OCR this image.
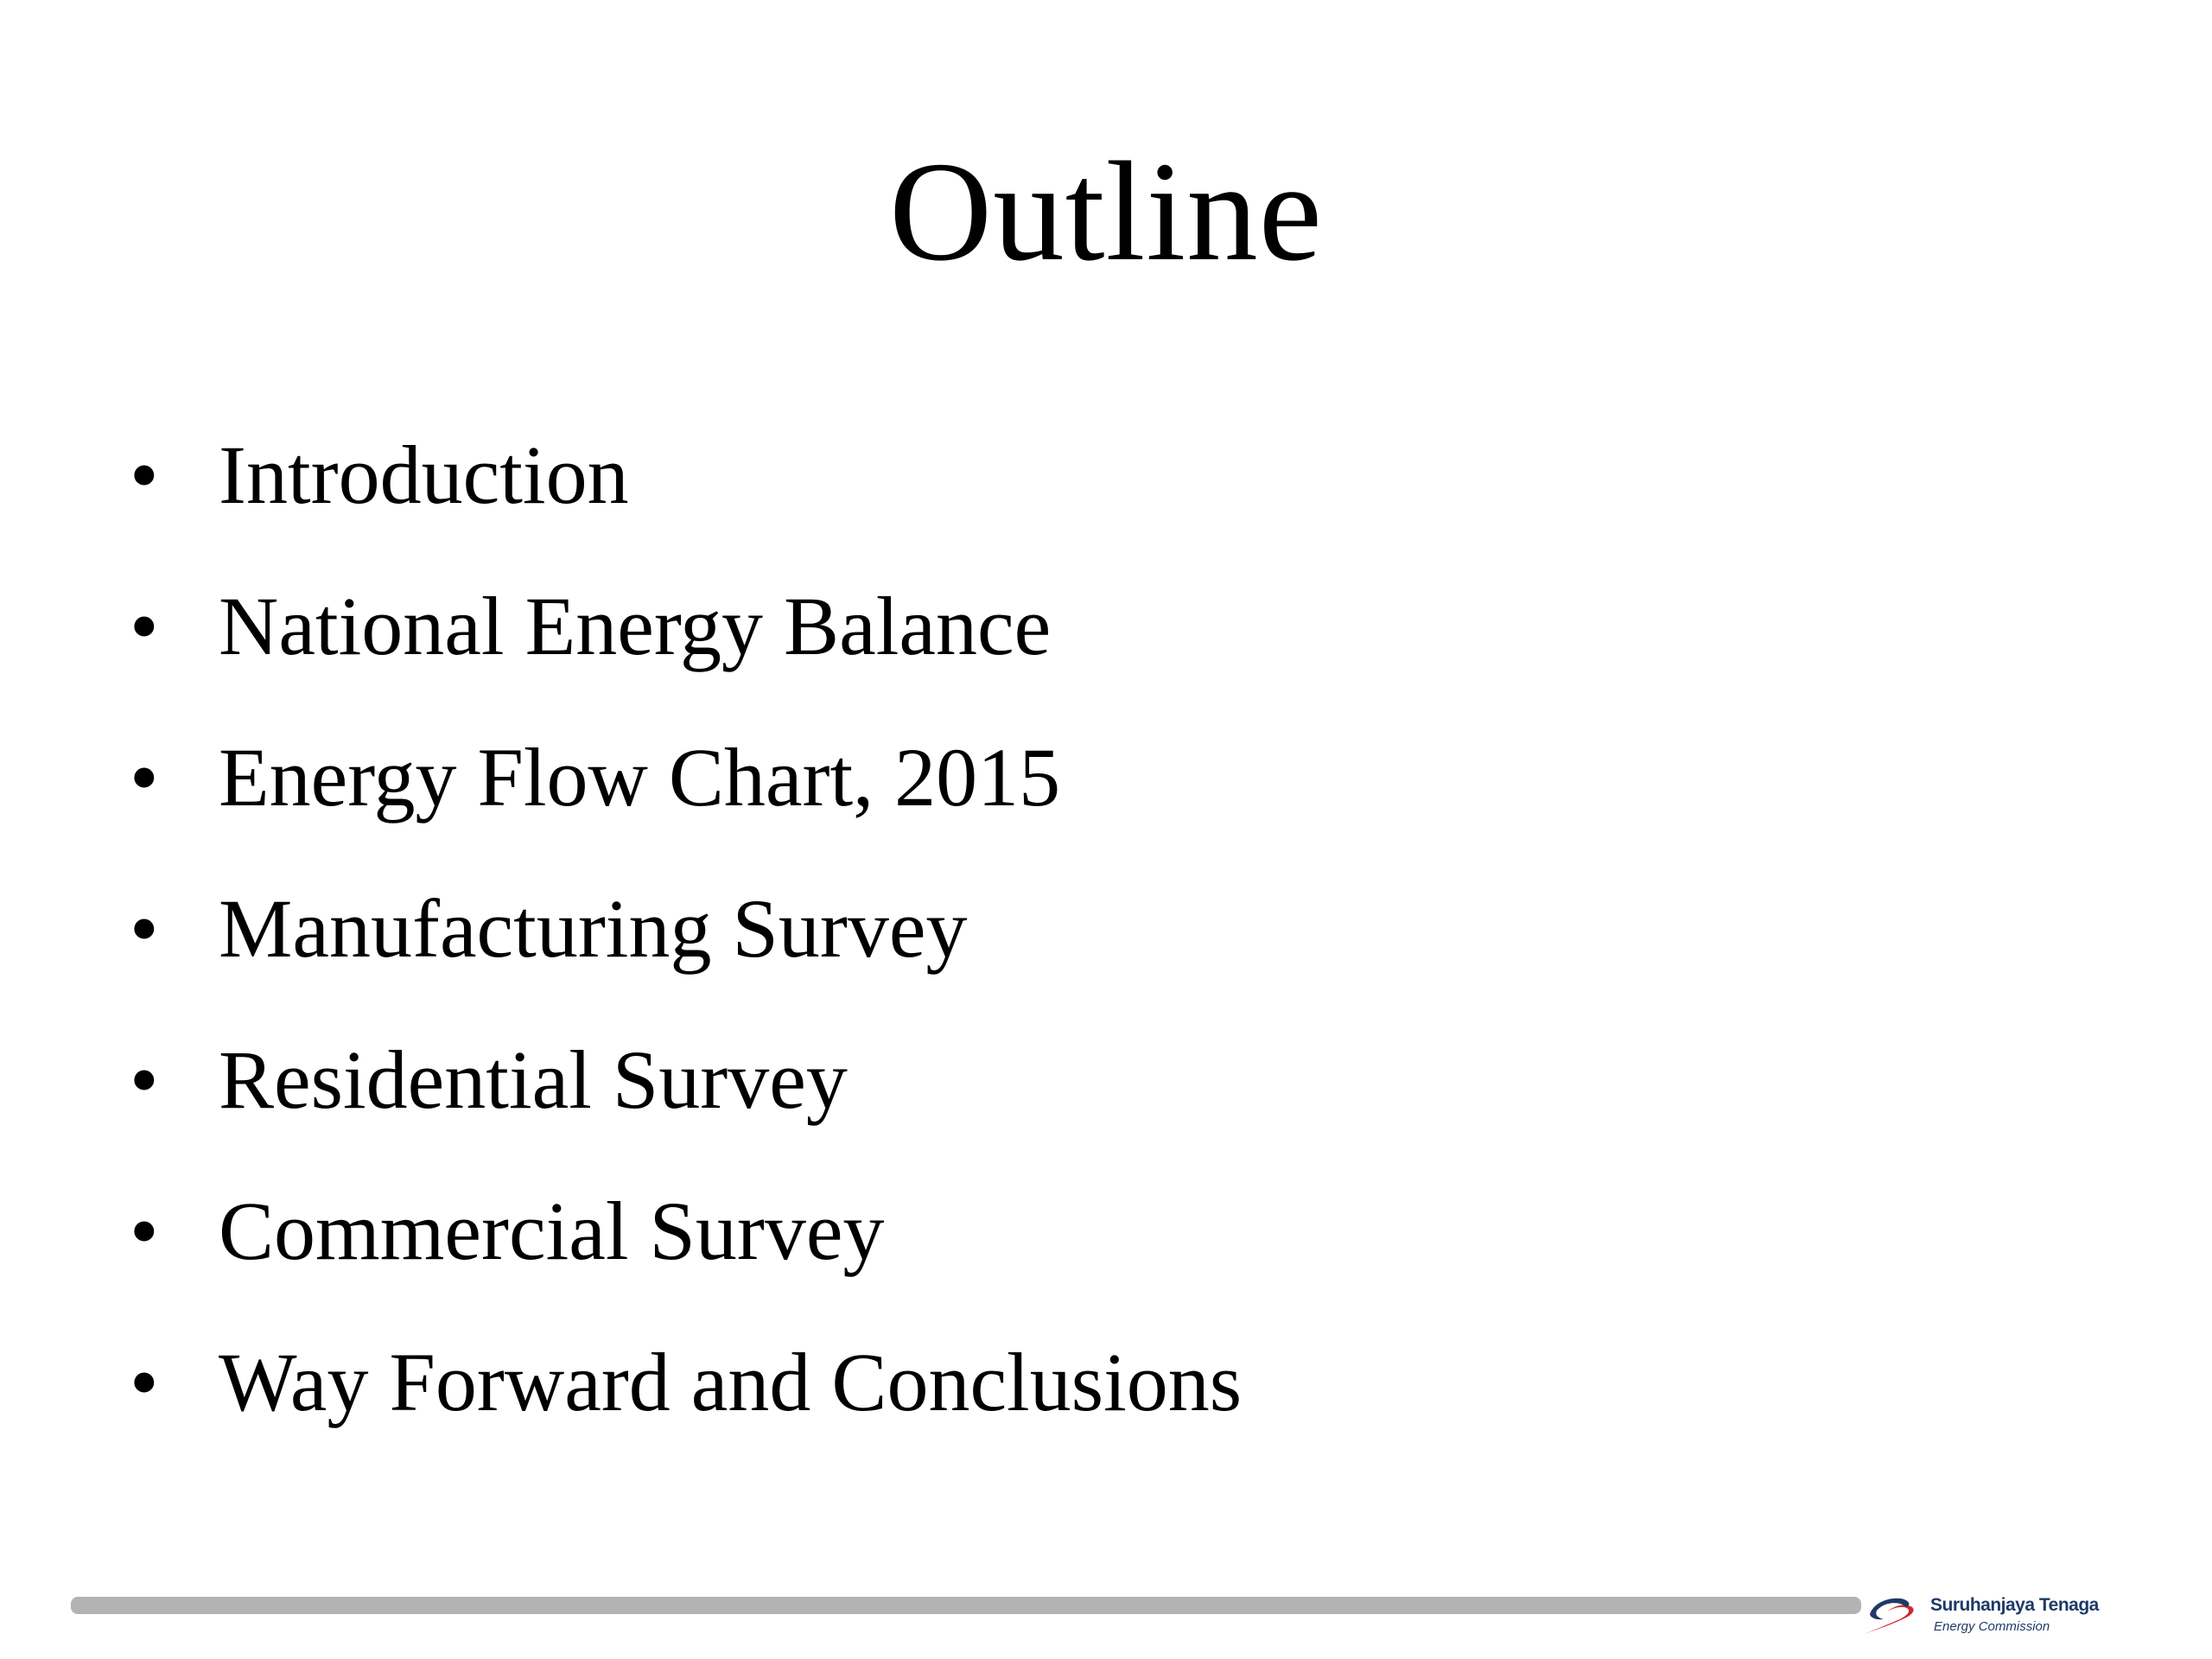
Outline
• Introduction
• National Energy Balance
• Energy Flow Chart, 2015
• Manufacturing Survey
• Residential Survey
• Commercial Survey
• Way Forward and Conclusions
Suruhanjaya Tenaga
Energy Commission
